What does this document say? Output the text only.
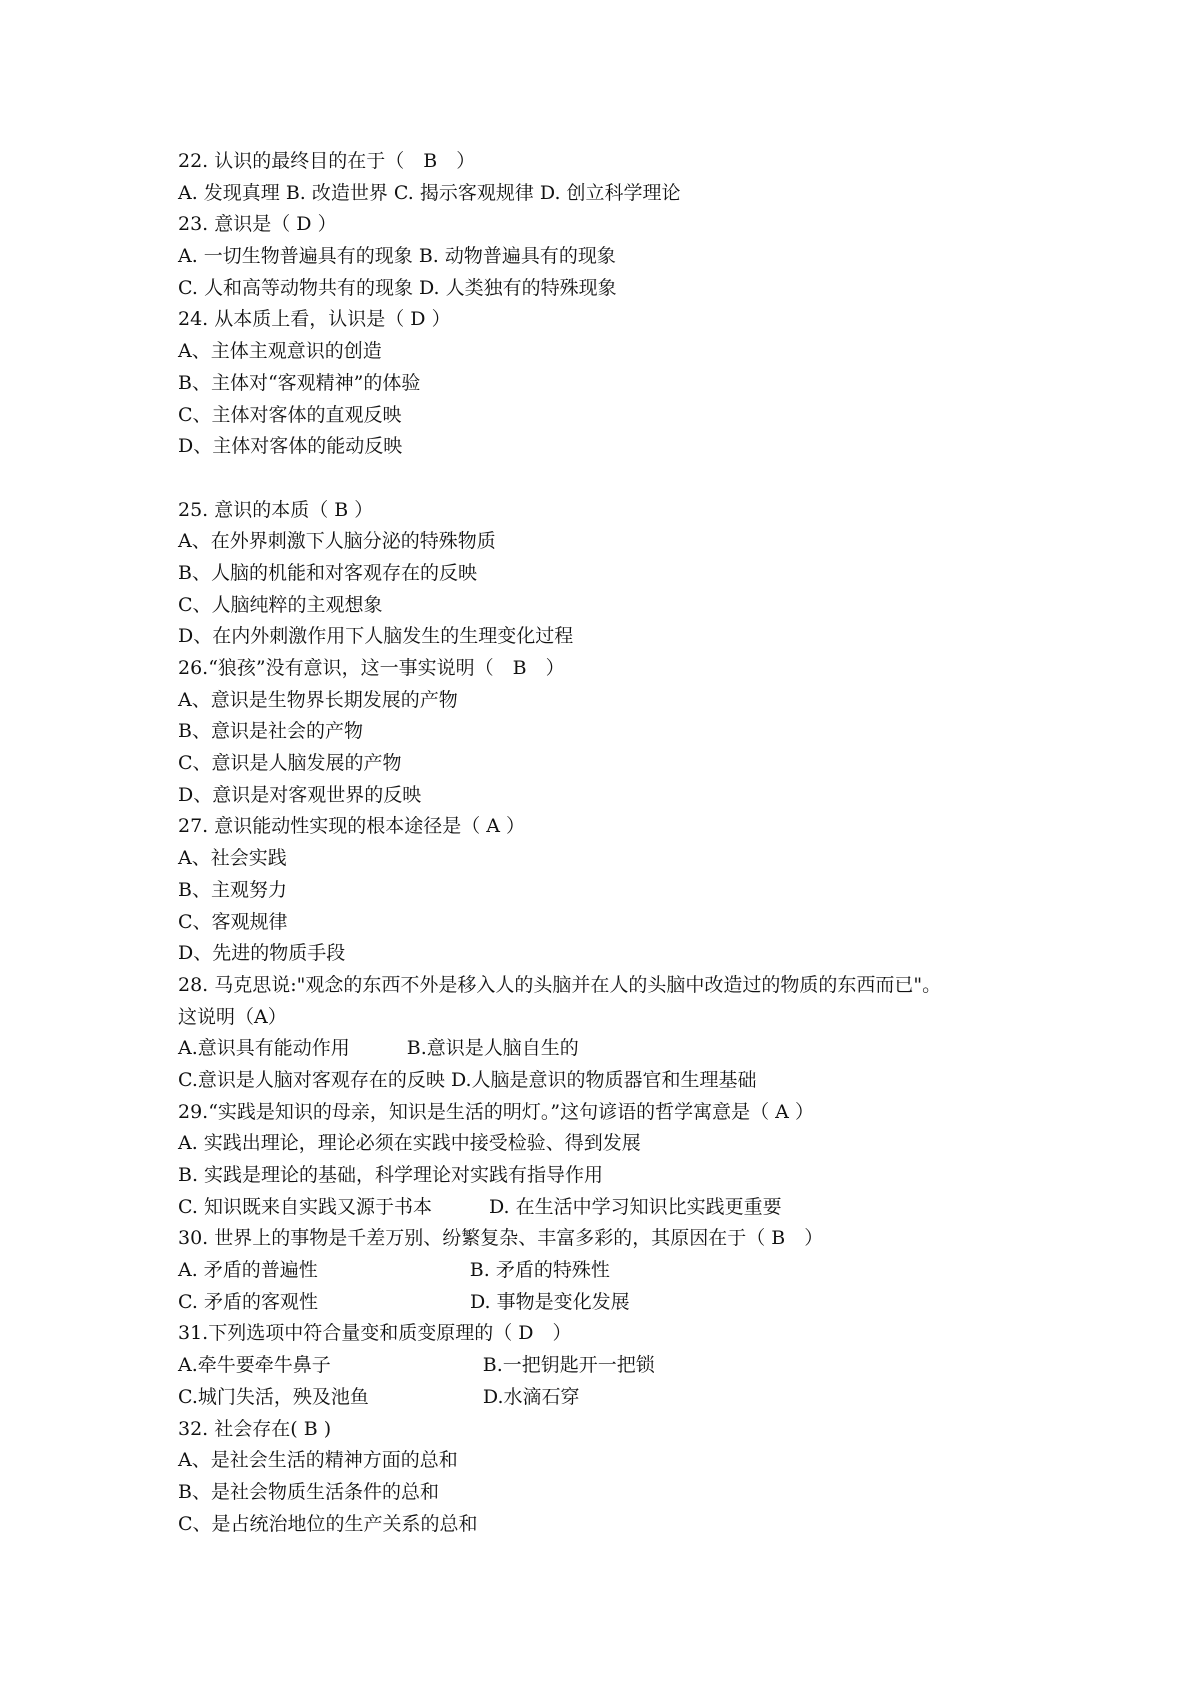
22. 认识的最终目的在于（　B　）
A. 发现真理 B. 改造世界 C. 揭示客观规律 D. 创立科学理论
23. 意识是（ D ）
A. 一切生物普遍具有的现象 B. 动物普遍具有的现象
C. 人和高等动物共有的现象 D. 人类独有的特殊现象
24. 从本质上看，认识是（ D ）
A、主体主观意识的创造
B、主体对“客观精神”的体验
C、主体对客体的直观反映
D、主体对客体的能动反映
25. 意识的本质（ B ）
A、在外界刺激下人脑分泌的特殊物质
B、人脑的机能和对客观存在的反映
C、人脑纯粹的主观想象
D、在内外刺激作用下人脑发生的生理变化过程
26.“狼孩”没有意识，这一事实说明（　B　）
A、意识是生物界长期发展的产物
B、意识是社会的产物
C、意识是人脑发展的产物
D、意识是对客观世界的反映
27. 意识能动性实现的根本途径是（ A ）
A、社会实践
B、主观努力
C、客观规律
D、先进的物质手段
28. 马克思说:"观念的东西不外是移入人的头脑并在人的头脑中改造过的物质的东西而已"。
这说明（A）
A.意识具有能动作用　　　B.意识是人脑自生的
C.意识是人脑对客观存在的反映 D.人脑是意识的物质器官和生理基础
29.“实践是知识的母亲，知识是生活的明灯。”这句谚语的哲学寓意是（ A ）
A. 实践出理论，理论必须在实践中接受检验、得到发展
B. 实践是理论的基础，科学理论对实践有指导作用
C. 知识既来自实践又源于书本　　　D. 在生活中学习知识比实践更重要
30. 世界上的事物是千差万别、纷繁复杂、丰富多彩的，其原因在于（ B　）
A. 矛盾的普遍性　　　　　　　　B. 矛盾的特殊性
C. 矛盾的客观性　　　　　　　　D. 事物是变化发展
31.下列选项中符合量变和质变原理的（ D　）
A.牵牛要牵牛鼻子　　　　　　　　B.一把钥匙开一把锁
C.城门失活，殃及池鱼　　　　　　D.水滴石穿
32. 社会存在( B )
A、是社会生活的精神方面的总和
B、是社会物质生活条件的总和
C、是占统治地位的生产关系的总和
